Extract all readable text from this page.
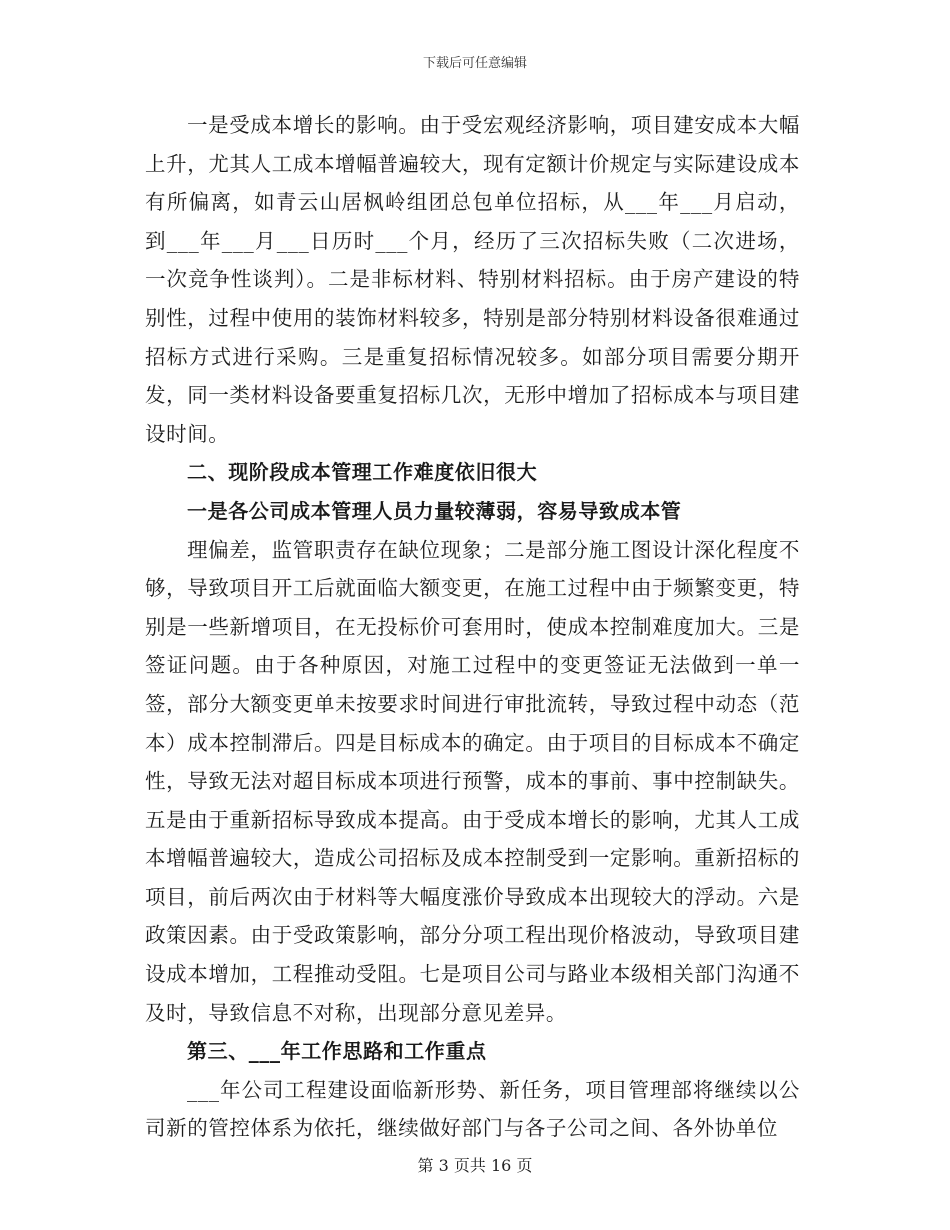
下载后可任意编辑

一是受成本增长的影响。由于受宏观经济影响，项目建安成本大幅上升，尤其人工成本增幅普遍较大，现有定额计价规定与实际建设成本有所偏离，如青云山居枫岭组团总包单位招标，从___年___月启动，到___年___月___日历时___个月，经历了三次招标失败（二次进场，一次竞争性谈判）。二是非标材料、特别材料招标。由于房产建设的特别性，过程中使用的装饰材料较多，特别是部分特别材料设备很难通过招标方式进行采购。三是重复招标情况较多。如部分项目需要分期开发，同一类材料设备要重复招标几次，无形中增加了招标成本与项目建设时间。

二、现阶段成本管理工作难度依旧很大

一是各公司成本管理人员力量较薄弱，容易导致成本管

理偏差，监管职责存在缺位现象；二是部分施工图设计深化程度不够，导致项目开工后就面临大额变更，在施工过程中由于频繁变更，特别是一些新增项目，在无投标价可套用时，使成本控制难度加大。三是签证问题。由于各种原因，对施工过程中的变更签证无法做到一单一签，部分大额变更单未按要求时间进行审批流转，导致过程中动态（范本）成本控制滞后。四是目标成本的确定。由于项目的目标成本不确定性，导致无法对超目标成本项进行预警，成本的事前、事中控制缺失。五是由于重新招标导致成本提高。由于受成本增长的影响，尤其人工成本增幅普遍较大，造成公司招标及成本控制受到一定影响。重新招标的项目，前后两次由于材料等大幅度涨价导致成本出现较大的浮动。六是政策因素。由于受政策影响，部分分项工程出现价格波动，导致项目建设成本增加，工程推动受阻。七是项目公司与路业本级相关部门沟通不及时，导致信息不对称，出现部分意见差异。

第三、___年工作思路和工作重点

___年公司工程建设面临新形势、新任务，项目管理部将继续以公司新的管控体系为依托，继续做好部门与各子公司之间、各外协单位

第 3 页共 16 页
